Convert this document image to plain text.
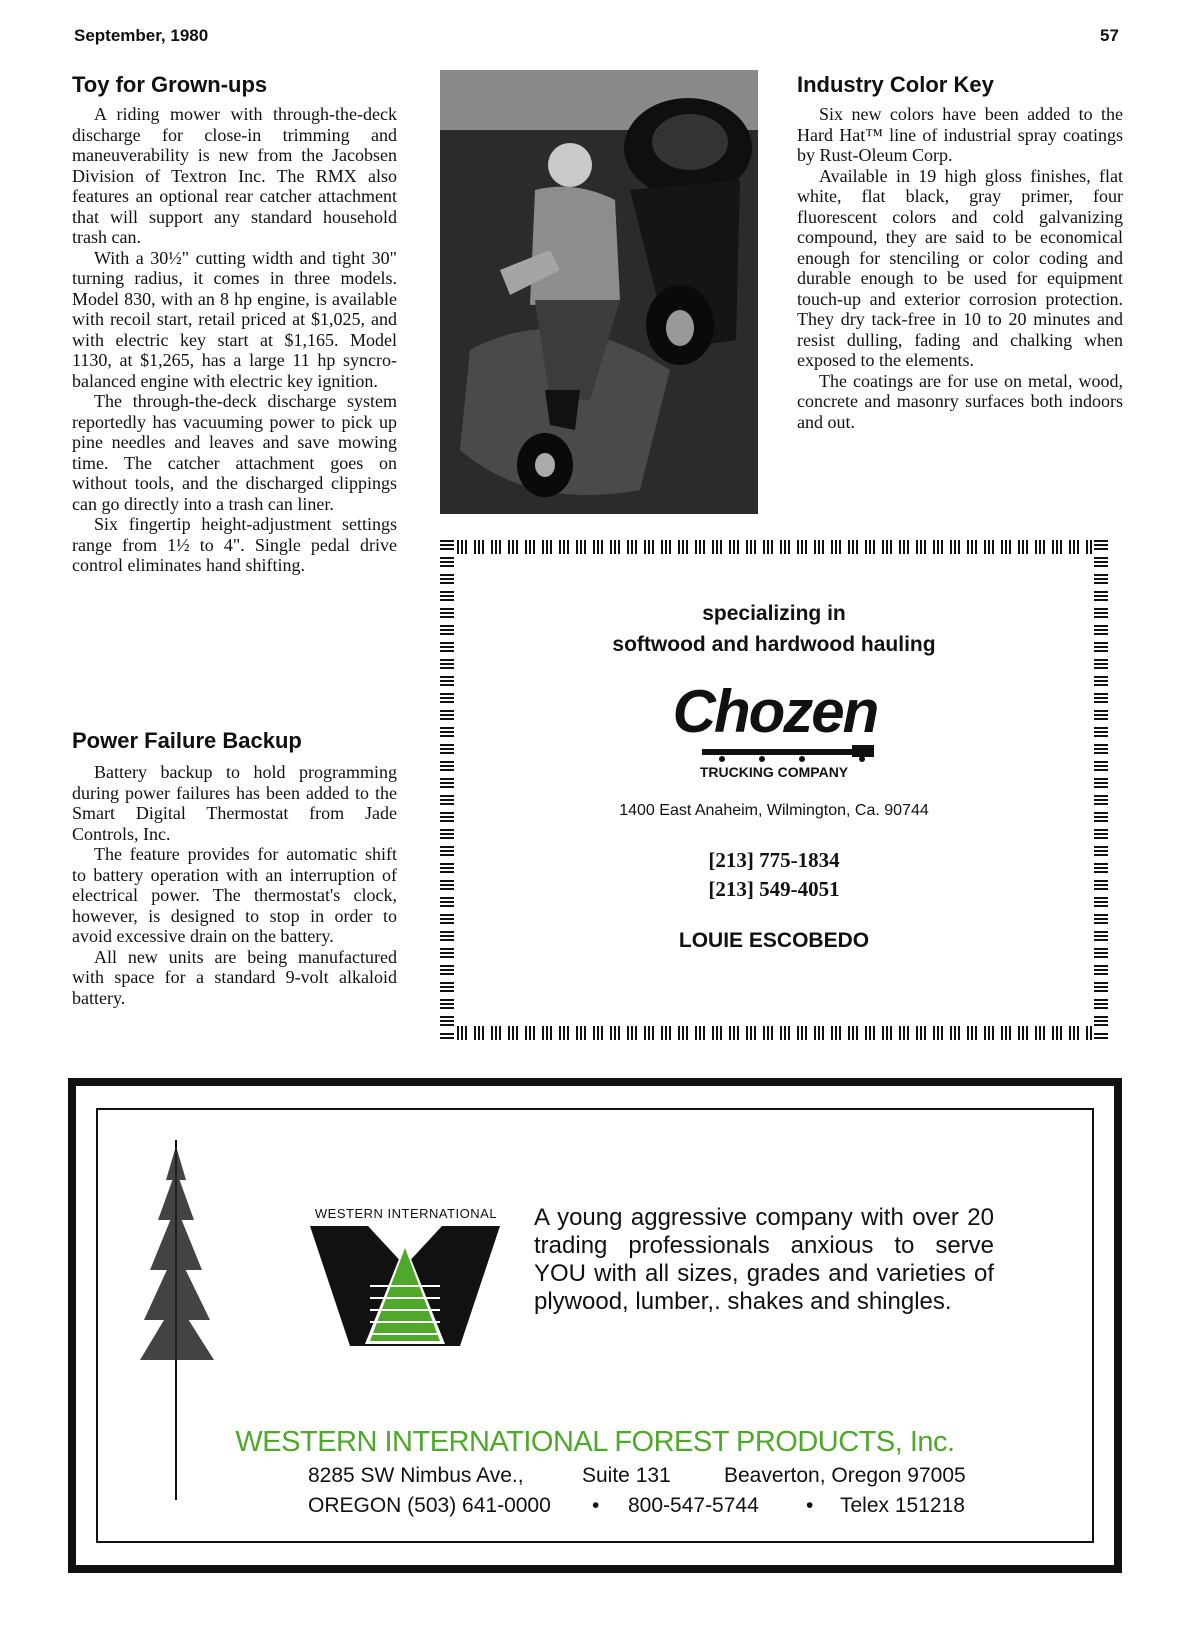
September, 1980	57
Toy for Grown-ups

A riding mower with through-the-deck discharge for close-in trimming and maneuverability is new from the Jacobsen Division of Textron Inc. The RMX also features an optional rear catcher attachment that will support any standard household trash can.

With a 30½" cutting width and tight 30" turning radius, it comes in three models. Model 830, with an 8 hp engine, is available with recoil start, retail priced at $1,025, and with electric key start at $1,165. Model 1130, at $1,265, has a large 11 hp syncro-balanced engine with electric key ignition.

The through-the-deck discharge system reportedly has vacuuming power to pick up pine needles and leaves and save mowing time. The catcher attachment goes on without tools, and the discharged clippings can go directly into a trash can liner.

Six fingertip height-adjustment settings range from 1½ to 4". Single pedal drive control eliminates hand shifting.

Power Failure Backup

Battery backup to hold programming during power failures has been added to the Smart Digital Thermostat from Jade Controls, Inc.

The feature provides for automatic shift to battery operation with an interruption of electrical power. The thermostat's clock, however, is designed to stop in order to avoid excessive drain on the battery.

All new units are being manufactured with space for a standard 9-volt alkaloid battery.

Industry Color Key

Six new colors have been added to the Hard Hat™ line of industrial spray coatings by Rust-Oleum Corp.

Available in 19 high gloss finishes, flat white, flat black, gray primer, four fluorescent colors and cold galvanizing compound, they are said to be economical enough for stenciling or color coding and durable enough to be used for equipment touch-up and exterior corrosion protection. They dry tack-free in 10 to 20 minutes and resist dulling, fading and chalking when exposed to the elements.

The coatings are for use on metal, wood, concrete and masonry surfaces both indoors and out.

specializing in
softwood and hardwood hauling
Chozen
TRUCKING COMPANY
1400 East Anaheim, Wilmington, Ca. 90744
[213] 775-1834
[213] 549-4051
LOUIE ESCOBEDO
WESTERN INTERNATIONAL	A young aggressive company with over 20 trading professionals anxious to serve YOU with all sizes, grades and varieties of plywood, lumber,. shakes and shingles.
WESTERN INTERNATIONAL FOREST PRODUCTS, Inc.
8285 SW Nimbus Ave.,	Suite 131	Beaverton, Oregon 97005
OREGON (503) 641-0000 • 800-547-5744 • Telex 151218
